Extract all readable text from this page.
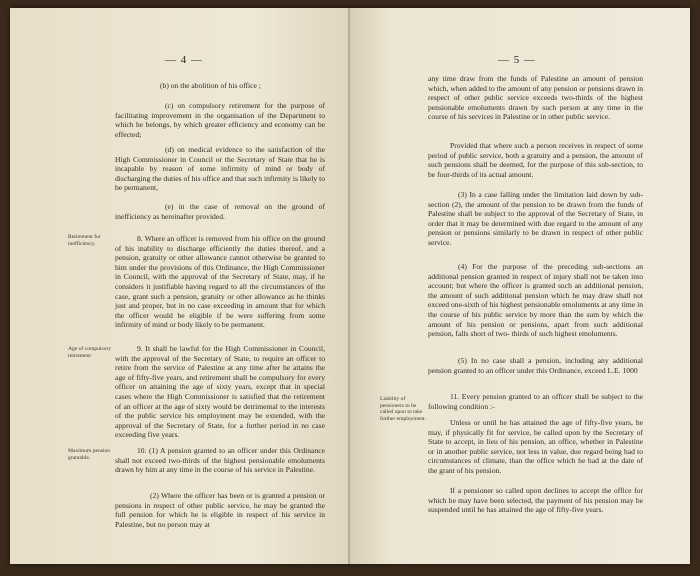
— 4 —

(b) on the abolition of his office ;

(c) on compulsory retirement for the purpose of facilitating improvement in the organisation of the Department to which he belongs, by which greater efficiency and economy can be effected;

(d) on medical evidence to the satisfaction of the High Commissioner in Council or the Secretary of State that he is incapable by reason of some infirmity of mind or body of discharging the duties of his office and that such infirmity is likely to be permanent,

(e) in the case of removal on the ground of inefficiency as hereinafter provided.

Retirement for inefficiency.

8. Where an officer is removed from his office on the ground of his inability to discharge efficiently the duties thereof, and a pension, gratuity or other allowance cannot otherwise be granted to him under the provisions of this Ordinance, the High Commissioner in Council, with the approval of the Secretary of State, may, if he considers it justifiable having regard to all the circumstances of the case, grant such a pension, gratuity or other allowance as he thinks just and proper, but in no case exceeding in amount that for which the officer would be eligible if he were suffering from some infirmity of mind or body likely to be permanent.

Age of compulsory retirement

9. It shall be lawful for the High Commissioner in Council, with the approval of the Secretary of State, to require an officer to retire from the service of Palestine at any time after he attains the age of fifty-five years, and retirement shall be compulsory for every officer on attaining the age of sixty years, except that in special cases where the High Commissioner is satisfied that the retirement of an officer at the age of sixty would be detrimental to the interests of the public service his employment may be extended, with the approval of the Secretary of State, for a further period in no case exceeding five years.

Maximum pension grantable.

10. (1) A pension granted to an officer under this Ordinance shall not exceed two-thirds of the highest pensionable emoluments drawn by him at any time in the course of his service in Palestine.

(2) Where the officer has been or is granted a pension or pensions in respect of other public service, he may be granted the full pension for which he is eligible in respect of his service in Palestine, but no person may at

— 5 —

any time draw from the funds of Palestine an amount of pension which, when added to the amount of any pension or pensions drawn in respect of other public service exceeds two-thirds of the highest pensionable emoluments drawn by such person at any time in the course of his services in Palestine or in other public service.

Provided that where such a person receives in respect of some period of public service, both a gratuity and a pension, the amount of such pensions shall be deemed, for the purpose of this sub-section, to be four-thirds of its actual amount.

(3) In a case falling under the limitation laid down by sub-section (2), the amount of the pension to be drawn from the funds of Palestine shall be subject to the approval of the Secretary of State, in order that it may be determined with due regard to the amount of any pension or pensions similarly to be drawn in respect of other public service.

(4) For the purpose of the preceding sub-sections an additional pension granted in respect of injury shall not be taken into account; but where the officer is granted such an additional pension, the amount of such additional pension which he may draw shall not exceed one-sixth of his highest pensionable emoluments at any time in the course of his public service by more than the sum by which the amount of his pension or pensions, apart from such additional pension, falls short of two- thirds of such highest emoluments.

(5) In no case shall a pension, including any additional pension granted to an officer under this Ordinance, exceed L.E. 1000

Liability of pensioners to be called upon to take further employment.

11. Every pension granted to an officer shall be subject to the following condition :-

Unless or until he has attained the age of fifty-five years, he may, if physically fit for service, be called upon by the Secretary of State to accept, in lieu of his pension, an office, whether in Palestine or in another public service, not less in value, due regard being had to circumstances of climate, than the office which he had at the date of the grant of his pension.

If a pensioner so called upon declines to accept the office for which he may have been selected, the payment of his pension may be suspended until he has attained the age of fifty-five years.
